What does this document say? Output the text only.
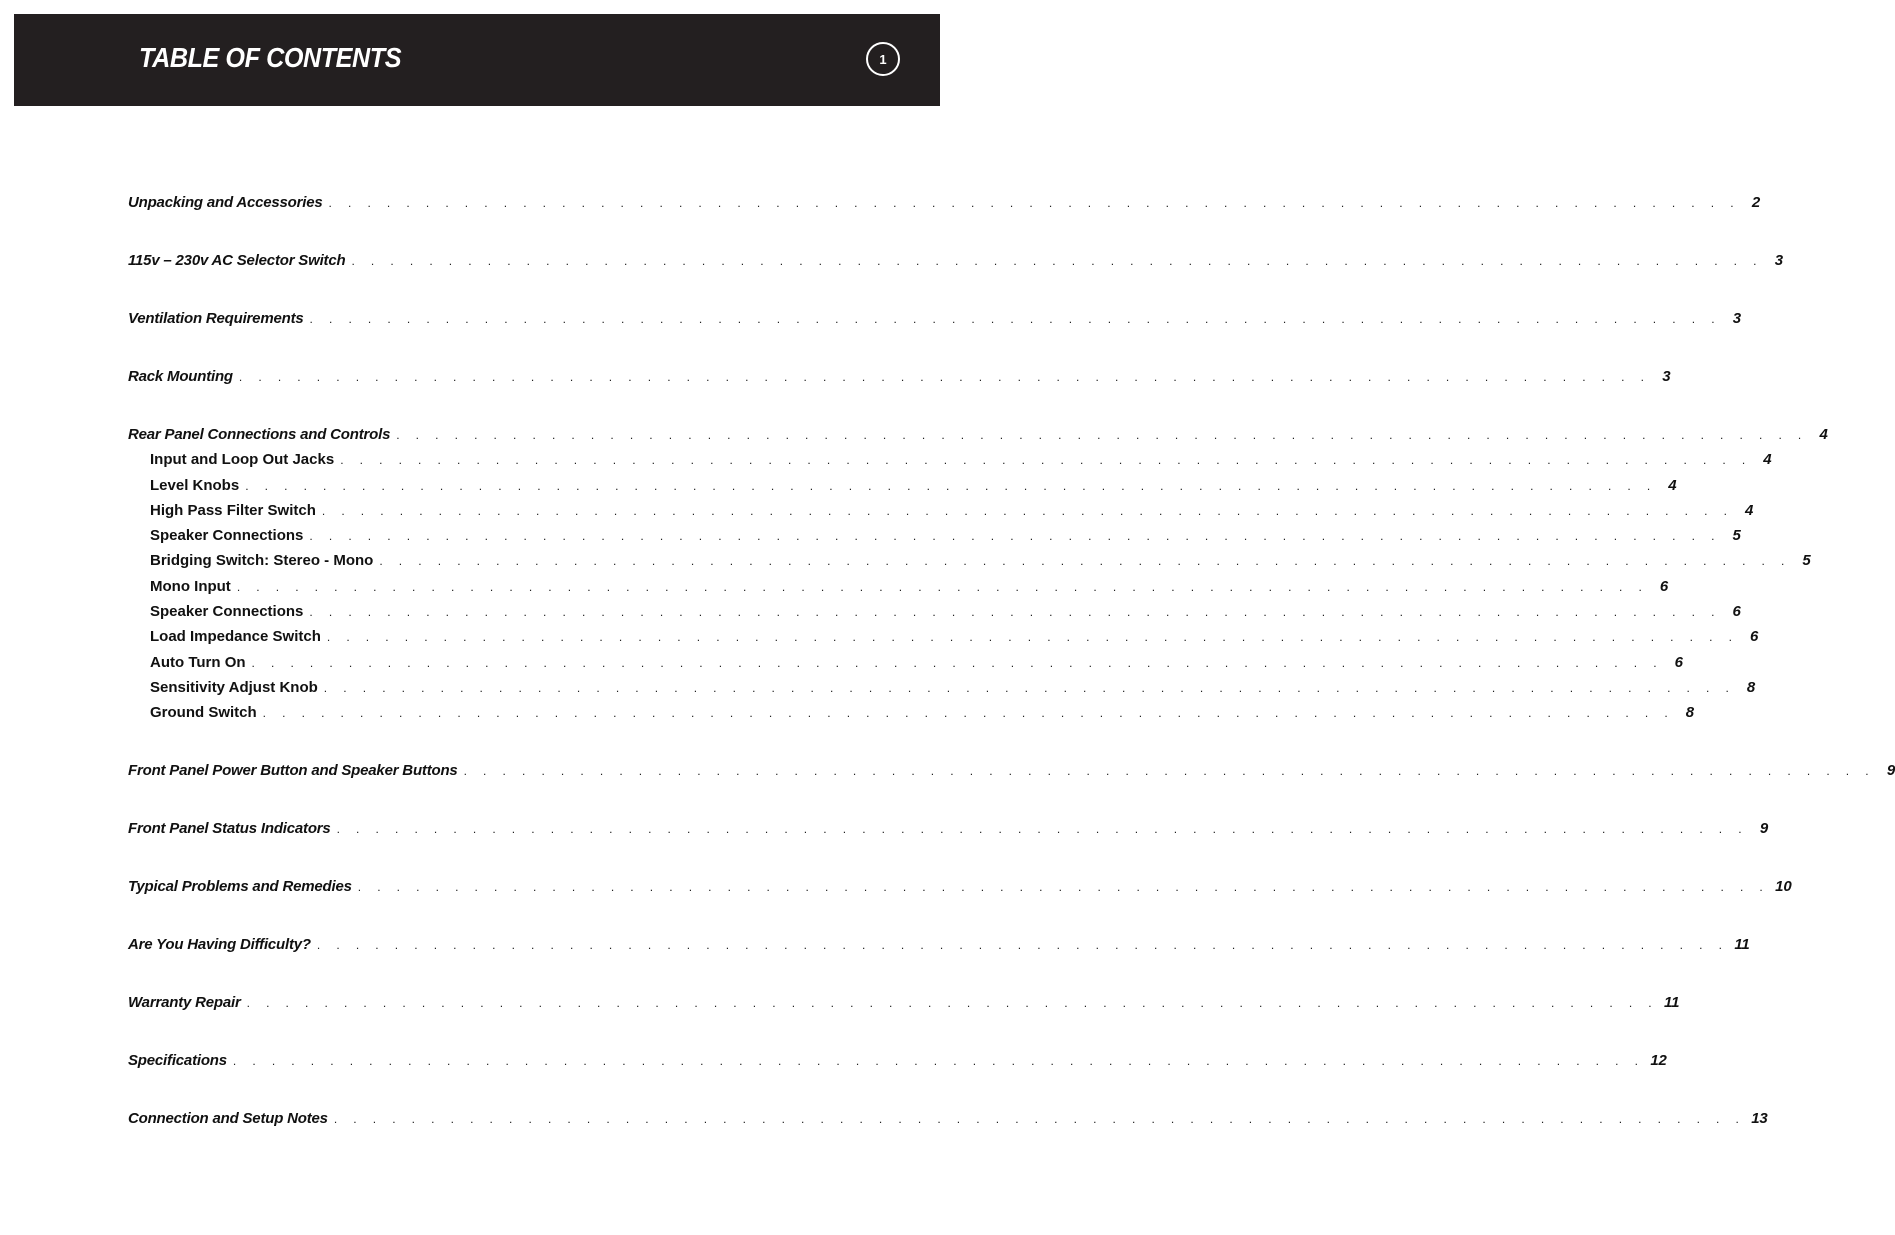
TABLE OF CONTENTS	1
Unpacking and Accessories . . . . . . . . . . . . . . . . . . . . . . . . . . . . . . . . . . . . . . . . . . . . . . . . . . . . . . . . . . . . . . . . . . . . . . . . . 2
115v – 230v AC Selector Switch . . . . . . . . . . . . . . . . . . . . . . . . . . . . . . . . . . . . . . . . . . . . . . . . . . . . . . . . . . . . . . . . . . . . . . . . . 3
Ventilation Requirements . . . . . . . . . . . . . . . . . . . . . . . . . . . . . . . . . . . . . . . . . . . . . . . . . . . . . . . . . . . . . . . . . . . . . . . . . 3
Rack Mounting . . . . . . . . . . . . . . . . . . . . . . . . . . . . . . . . . . . . . . . . . . . . . . . . . . . . . . . . . . . . . . . . . . . . . . . . . 3
Rear Panel Connections and Controls . . . . . . . . . . . . . . . . . . . . . . . . . . . . . . . . . . . . . . . . . . . . . . . . . . . . . . . . . . . . . . . . . . . . . . . . . 4
Input and Loop Out Jacks . . . . . . . . . . . . . . . . . . . . . . . . . . . . . . . . . . . . . . . . . . . . . . . . . . . . . . . . . . . . . . . . . . . . . . . . . 4
Level Knobs . . . . . . . . . . . . . . . . . . . . . . . . . . . . . . . . . . . . . . . . . . . . . . . . . . . . . . . . . . . . . . . . . . . . . . . . . 4
High Pass Filter Switch . . . . . . . . . . . . . . . . . . . . . . . . . . . . . . . . . . . . . . . . . . . . . . . . . . . . . . . . . . . . . . . . . . . . . . . . . 4
Speaker Connections . . . . . . . . . . . . . . . . . . . . . . . . . . . . . . . . . . . . . . . . . . . . . . . . . . . . . . . . . . . . . . . . . . . . . . . . . 5
Bridging Switch: Stereo - Mono . . . . . . . . . . . . . . . . . . . . . . . . . . . . . . . . . . . . . . . . . . . . . . . . . . . . . . . . . . . . . . . . . . . . . . . . . 5
Mono Input . . . . . . . . . . . . . . . . . . . . . . . . . . . . . . . . . . . . . . . . . . . . . . . . . . . . . . . . . . . . . . . . . . . . . . . . . 6
Speaker Connections . . . . . . . . . . . . . . . . . . . . . . . . . . . . . . . . . . . . . . . . . . . . . . . . . . . . . . . . . . . . . . . . . . . . . . . . . 6
Load Impedance Switch . . . . . . . . . . . . . . . . . . . . . . . . . . . . . . . . . . . . . . . . . . . . . . . . . . . . . . . . . . . . . . . . . . . . . . . . . 6
Auto Turn On . . . . . . . . . . . . . . . . . . . . . . . . . . . . . . . . . . . . . . . . . . . . . . . . . . . . . . . . . . . . . . . . . . . . . . . . . 6
Sensitivity Adjust Knob . . . . . . . . . . . . . . . . . . . . . . . . . . . . . . . . . . . . . . . . . . . . . . . . . . . . . . . . . . . . . . . . . . . . . . . . . 8
Ground Switch . . . . . . . . . . . . . . . . . . . . . . . . . . . . . . . . . . . . . . . . . . . . . . . . . . . . . . . . . . . . . . . . . . . . . . . . . 8
Front Panel Power Button and Speaker Buttons . . . . . . . . . . . . . . . . . . . . . . . . . . . . . . . . . . . . . . . . . . . . . . . . . . . . . . . . . . . . . . . . . . . . . . . . . 9
Front Panel Status Indicators . . . . . . . . . . . . . . . . . . . . . . . . . . . . . . . . . . . . . . . . . . . . . . . . . . . . . . . . . . . . . . . . . . . . . . . . . 9
Typical Problems and Remedies . . . . . . . . . . . . . . . . . . . . . . . . . . . . . . . . . . . . . . . . . . . . . . . . . . . . . . . . . . . . . . . . . . . . . . . . . 10
Are You Having Difficulty? . . . . . . . . . . . . . . . . . . . . . . . . . . . . . . . . . . . . . . . . . . . . . . . . . . . . . . . . . . . . . . . . . . . . . . . . . 11
Warranty Repair . . . . . . . . . . . . . . . . . . . . . . . . . . . . . . . . . . . . . . . . . . . . . . . . . . . . . . . . . . . . . . . . . . . . . . . . . 11
Specifications . . . . . . . . . . . . . . . . . . . . . . . . . . . . . . . . . . . . . . . . . . . . . . . . . . . . . . . . . . . . . . . . . . . . . . . . . 12
Connection and Setup Notes . . . . . . . . . . . . . . . . . . . . . . . . . . . . . . . . . . . . . . . . . . . . . . . . . . . . . . . . . . . . . . . . . . . . . . . . . 13
